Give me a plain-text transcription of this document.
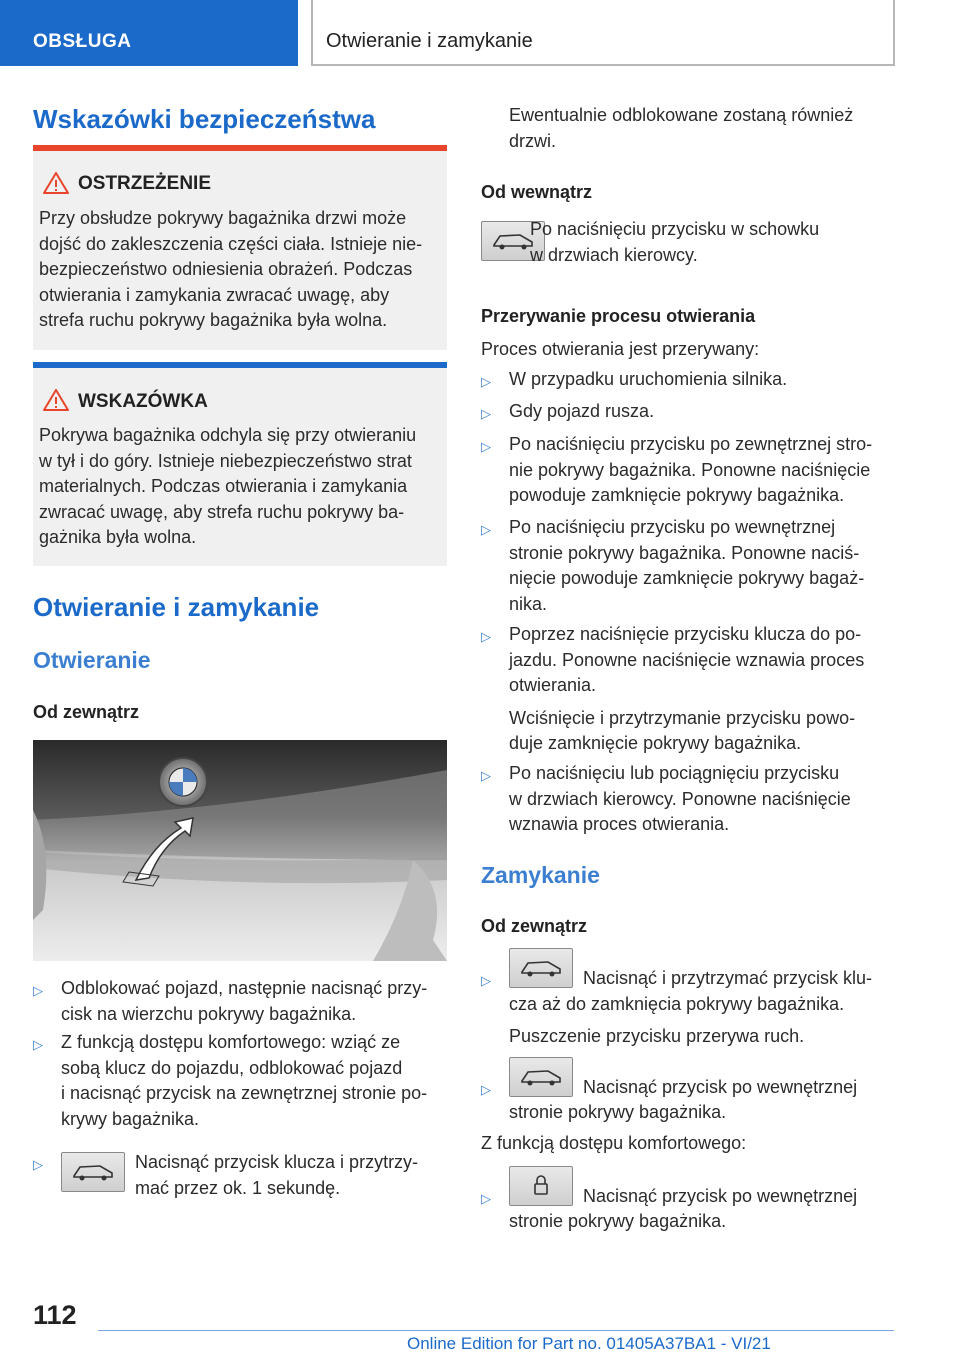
OBSŁUGA	Otwieranie i zamykanie
Wskazówki bezpieczeństwa
OSTRZEŻENIE
Przy obsłudze pokrywy bagażnika drzwi może
dojść do zakleszczenia części ciała. Istnieje nie-
bezpieczeństwo odniesienia obrażeń. Podczas
otwierania i zamykania zwracać uwagę, aby
strefa ruchu pokrywy bagażnika była wolna.
WSKAZÓWKA
Pokrywa bagażnika odchyla się przy otwieraniu
w tył i do góry. Istnieje niebezpieczeństwo strat
materialnych. Podczas otwierania i zamykania
zwracać uwagę, aby strefa ruchu pokrywy ba-
gażnika była wolna.
Otwieranie i zamykanie
Otwieranie
Od zewnątrz
▷ Odblokować pojazd, następnie nacisnąć przy-
cisk na wierzchu pokrywy bagażnika.
▷ Z funkcją dostępu komfortowego: wziąć ze
sobą klucz do pojazdu, odblokować pojazd
i nacisnąć przycisk na zewnętrznej stronie po-
krywy bagażnika.
▷	Nacisnąć przycisk klucza i przytrzy-
mać przez ok. 1 sekundę.
Ewentualnie odblokowane zostaną również
drzwi.
Od wewnątrz
Po naciśnięciu przycisku w schowku
w drzwiach kierowcy.
Przerywanie procesu otwierania
Proces otwierania jest przerywany:
▷ W przypadku uruchomienia silnika.
▷ Gdy pojazd rusza.
▷ Po naciśnięciu przycisku po zewnętrznej stro-
nie pokrywy bagażnika. Ponowne naciśnięcie
powoduje zamknięcie pokrywy bagażnika.
▷ Po naciśnięciu przycisku po wewnętrznej
stronie pokrywy bagażnika. Ponowne naciś-
nięcie powoduje zamknięcie pokrywy bagaż-
nika.
▷ Poprzez naciśnięcie przycisku klucza do po-
jazdu. Ponowne naciśnięcie wznawia proces
otwierania.
Wciśnięcie i przytrzymanie przycisku powo-
duje zamknięcie pokrywy bagażnika.
▷ Po naciśnięciu lub pociągnięciu przycisku
w drzwiach kierowcy. Ponowne naciśnięcie
wznawia proces otwierania.
Zamykanie
Od zewnątrz
▷	Nacisnąć i przytrzymać przycisk klu-
cza aż do zamknięcia pokrywy bagażnika.
Puszczenie przycisku przerywa ruch.
▷	Nacisnąć przycisk po wewnętrznej
stronie pokrywy bagażnika.
Z funkcją dostępu komfortowego:
▷	Nacisnąć przycisk po wewnętrznej
stronie pokrywy bagażnika.
112
Online Edition for Part no. 01405A37BA1 - VI/21
